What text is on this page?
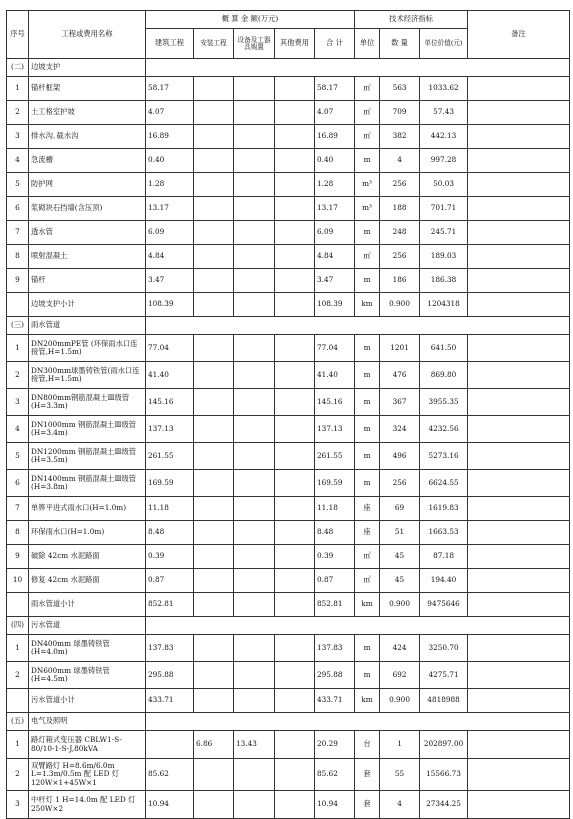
序号	工程或费用名称	概 算 金 额(万元)					技术经济指标			备注
		建筑工程	安装工程	设备及工器具购置	其他费用	合 计	单位	数 量	单位价值(元)	
(二)	边坡支护									
1	锚杆框架	58.17				58.17	㎡	563	1033.62	
2	土工格室护坡	4.07				4.07	㎡	709	57.43	
3	排水沟､截水沟	16.89				16.89	㎡	382	442.13	
4	急流槽	0.40				0.40	m	4	997.28	
5	防护网	1.28				1.28	m³	256	50.03	
6	浆砌块石挡墙(含压顶)	13.17				13.17	m³	188	701.71	
7	透水管	6.09				6.09	m	248	245.71	
8	喷射混凝土	4.84				4.84	㎡	256	189.03	
9	锚杆	3.47				3.47	m	186	186.38	
	边坡支护小计	108.39				108.39	km	0.900	1204318	
(三)	雨水管道									
1	DN200mmPE管 (环保雨水口连接管,H=1.5m)	77.04				77.04	m	1201	641.50	
2	DN300mm球墨铸铁管(雨水口连接管,H=1.5m)	41.40				41.40	m	476	869.80	
3	DN800mm钢筋混凝土Ⅲ级管(H=3.3m)	145.16				145.16	m	367	3955.35	
4	DN1000mm 钢筋混凝土Ⅲ级管(H=3.4m)	137.13				137.13	m	324	4232.56	
5	DN1200mm 钢筋混凝土Ⅲ级管(H=3.5m)	261.55				261.55	m	496	5273.16	
6	DN1400mm 钢筋混凝土Ⅲ级管(H=3.8m)	169.59				169.59	m	256	6624.55	
7	单箅平进式雨水口(H=1.0m)	11.18				11.18	座	69	1619.83	
8	环保雨水口(H=1.0m)	8.48				8.48	座	51	1663.53	
9	破除 42cm 水泥路面	0.39				0.39	㎡	45	87.18	
10	修复 42cm 水泥路面	0.87				0.87	㎡	45	194.40	
	雨水管道小计	852.81				852.81	km	0.900	9475646	
(四)	污水管道									
1	DN400mm 球墨铸铁管(H=4.0m)	137.83				137.83	m	424	3250.70	
2	DN600mm 球墨铸铁管(H=4.5m)	295.88				295.88	m	692	4275.71	
	污水管道小计	433.71				433.71	km	0.900	4818988	
(五)	电气及照明									
1	路灯箱式变压器 CBLW1-S-80/10-1-S-J,80kVA		6.86	13.43		20.29	台	1	202897.00	
2	双臂路灯 H=8.6m/6.0m L=1.3m/0.5m 配 LED 灯 120W×1+45W×1	85.62				85.62	套	55	15566.73	
3	中杆灯 1 H=14.0m 配 LED 灯 250W×2	10.94				10.94	套	4	27344.25	
